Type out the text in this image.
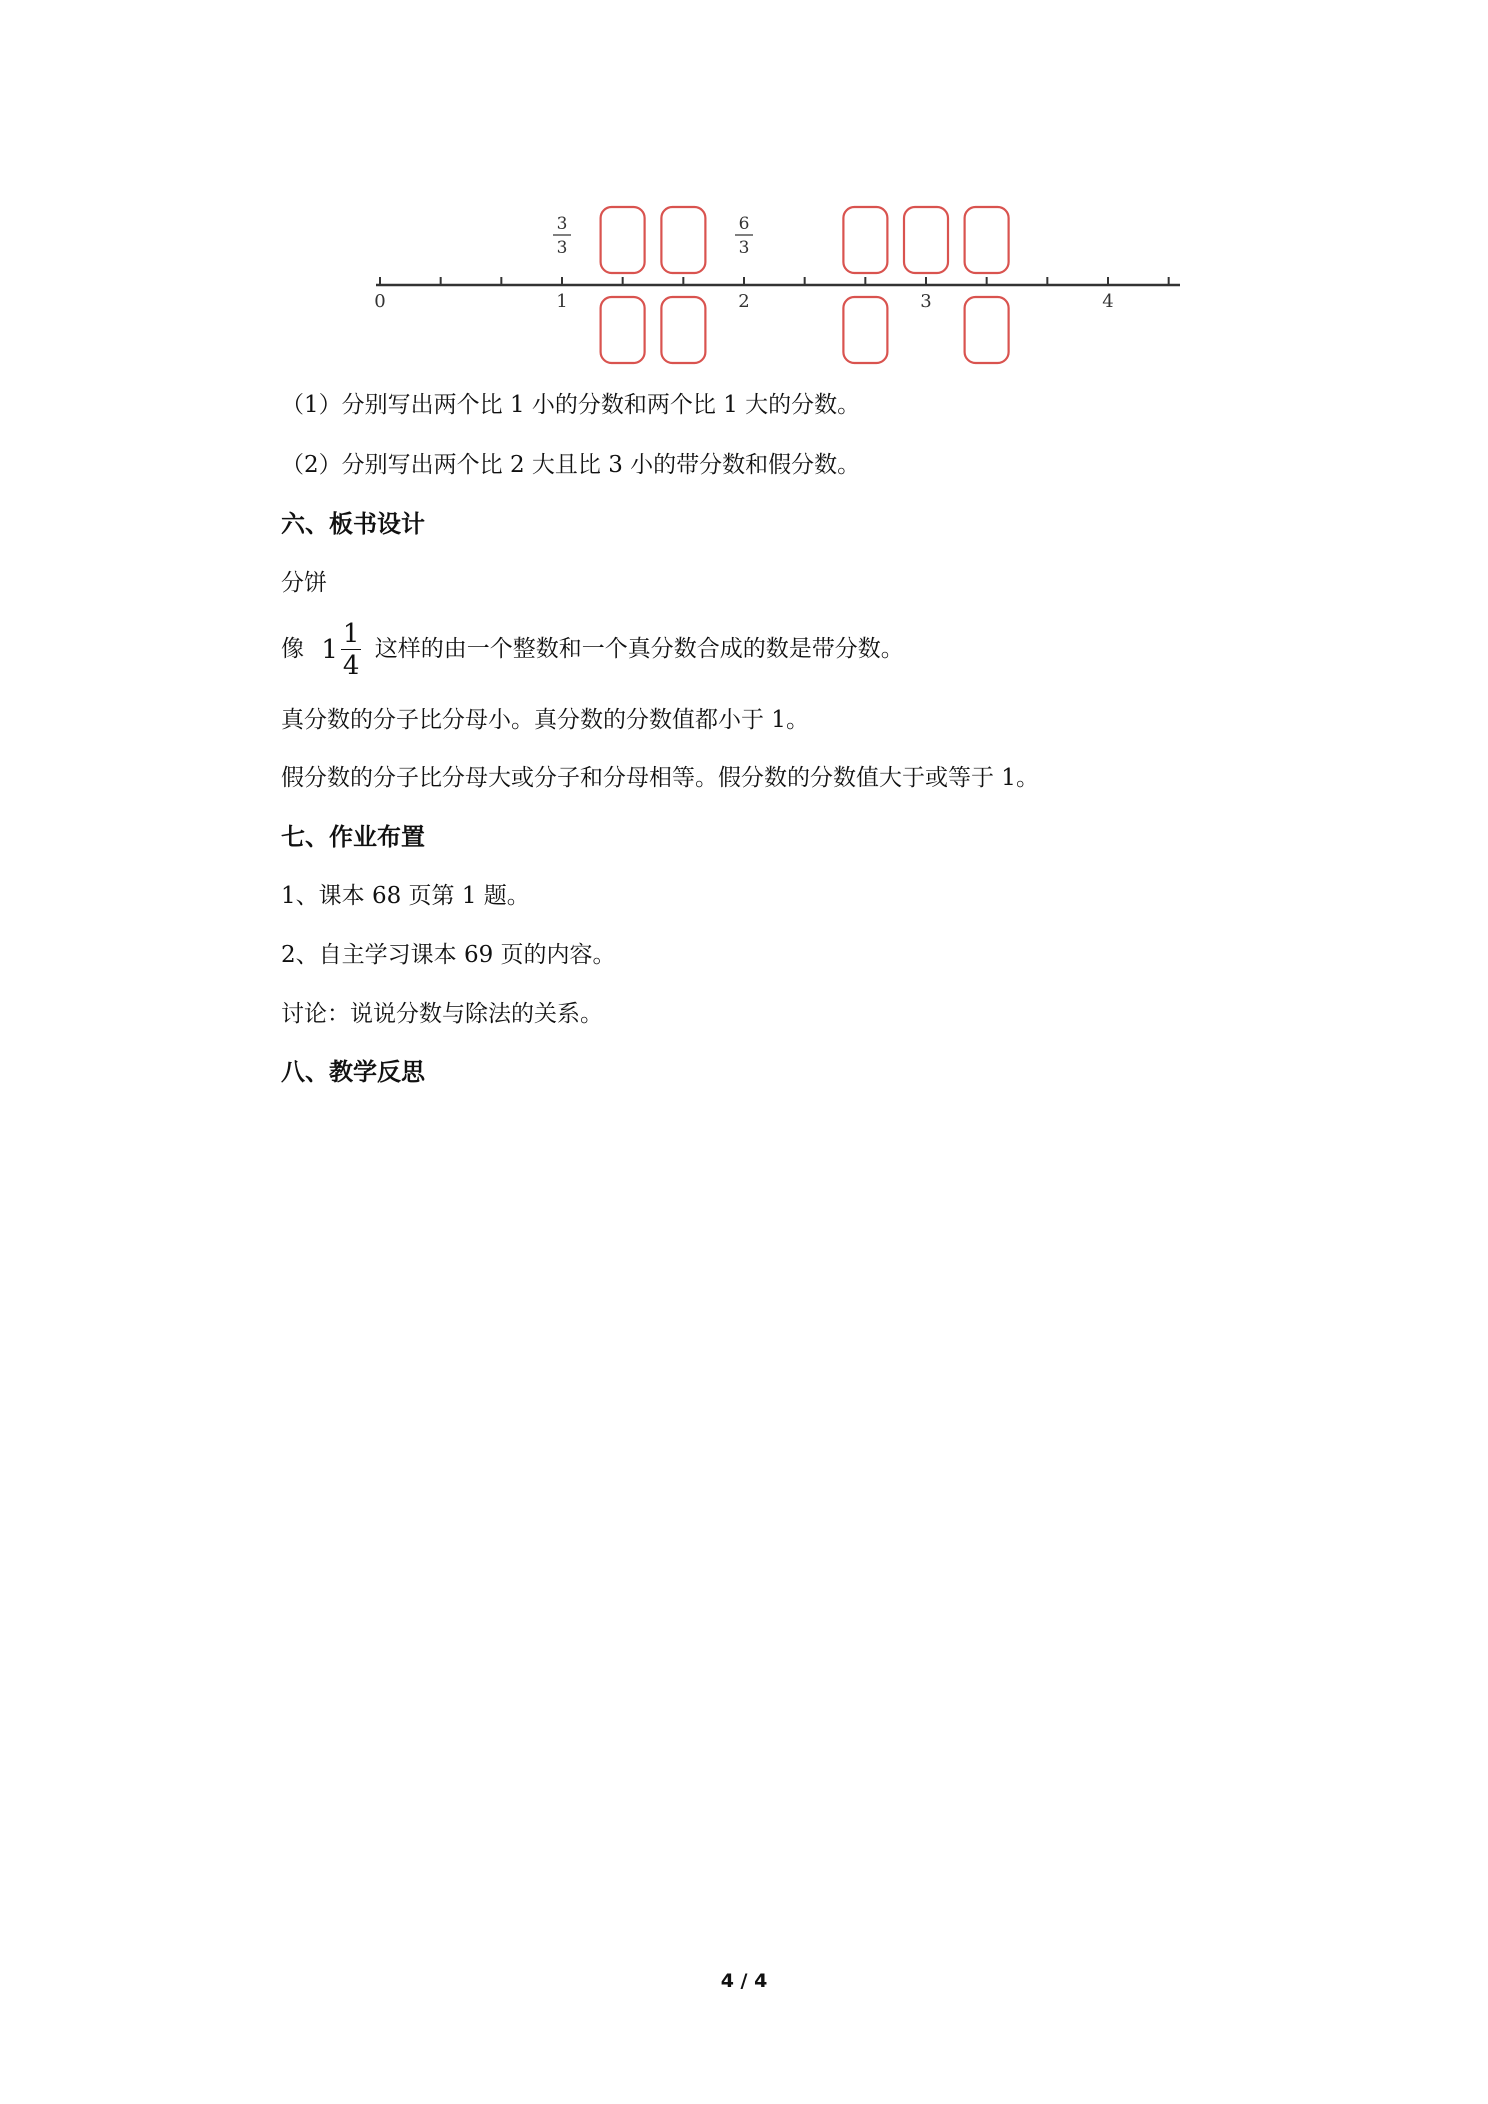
0	1	2	3	4
3
3
6
3

（1）分别写出两个比 1 小的分数和两个比 1 大的分数。

（2）分别写出两个比 2 大且比 3 小的带分数和假分数。

六、板书设计

分饼

像 $1 \frac{1}{4}$ 这样的由一个整数和一个真分数合成的数是带分数。

真分数的分子比分母小。真分数的分数值都小于 1。

假分数的分子比分母大或分子和分母相等。假分数的分数值大于或等于 1。

七、作业布置

1、课本 68 页第 1 题。

2、自主学习课本 69 页的内容。

讨论：说说分数与除法的关系。

八、教学反思

4 / 4
